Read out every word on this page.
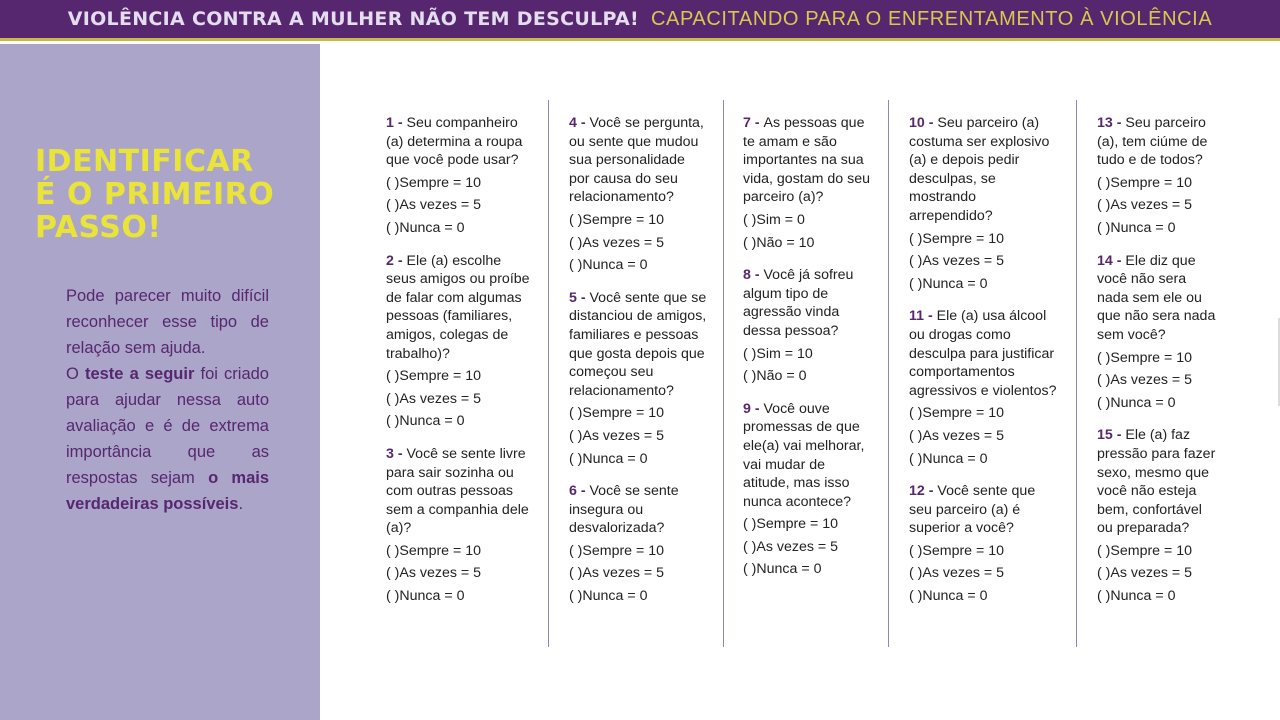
VIOLÊNCIA CONTRA A MULHER NÃO TEM DESCULPA! CAPACITANDO PARA O ENFRENTAMENTO À VIOLÊNCIA
IDENTIFICAR
É O PRIMEIRO
PASSO!

Pode parecer muito difícil reconhecer esse tipo de relação sem ajuda.

O teste a seguir foi criado para ajudar nessa auto avaliação e é de extrema importância que as respostas sejam o mais verdadeiras possíveis.

1 - Seu companheiro (a) determina a roupa que você pode usar?
( )Sempre = 10
( )As vezes = 5
( )Nunca = 0
2 - Ele (a) escolhe seus amigos ou proíbe de falar com algumas pessoas (familiares, amigos, colegas de trabalho)?
( )Sempre = 10
( )As vezes = 5
( )Nunca = 0
3 - Você se sente livre para sair sozinha ou com outras pessoas sem a companhia dele (a)?
( )Sempre = 10
( )As vezes = 5
( )Nunca = 0
4 - Você se pergunta, ou sente que mudou sua personalidade por causa do seu relacionamento?
( )Sempre = 10
( )As vezes = 5
( )Nunca = 0
5 - Você sente que se distanciou de amigos, familiares e pessoas que gosta depois que começou seu relacionamento?
( )Sempre = 10
( )As vezes = 5
( )Nunca = 0
6 - Você se sente insegura ou desvalorizada?
( )Sempre = 10
( )As vezes = 5
( )Nunca = 0
7 - As pessoas que te amam e são importantes na sua vida, gostam do seu parceiro (a)?
( )Sim = 0
( )Não = 10
8 - Você já sofreu algum tipo de agressão vinda dessa pessoa?
( )Sim = 10
( )Não = 0
9 - Você ouve promessas de que ele(a) vai melhorar, vai mudar de atitude, mas isso nunca acontece?
( )Sempre = 10
( )As vezes = 5
( )Nunca = 0
10 - Seu parceiro (a) costuma ser explosivo (a) e depois pedir desculpas, se mostrando arrependido?
( )Sempre = 10
( )As vezes = 5
( )Nunca = 0
11 - Ele (a) usa álcool ou drogas como desculpa para justificar comportamentos agressivos e violentos?
( )Sempre = 10
( )As vezes = 5
( )Nunca = 0
12 - Você sente que seu parceiro (a) é superior a você?
( )Sempre = 10
( )As vezes = 5
( )Nunca = 0
13 - Seu parceiro (a), tem ciúme de tudo e de todos?
( )Sempre = 10
( )As vezes = 5
( )Nunca = 0
14 - Ele diz que você não sera nada sem ele ou que não sera nada sem você?
( )Sempre = 10
( )As vezes = 5
( )Nunca = 0
15 - Ele (a) faz pressão para fazer sexo, mesmo que você não esteja bem, confortável ou preparada?
( )Sempre = 10
( )As vezes = 5
( )Nunca = 0
